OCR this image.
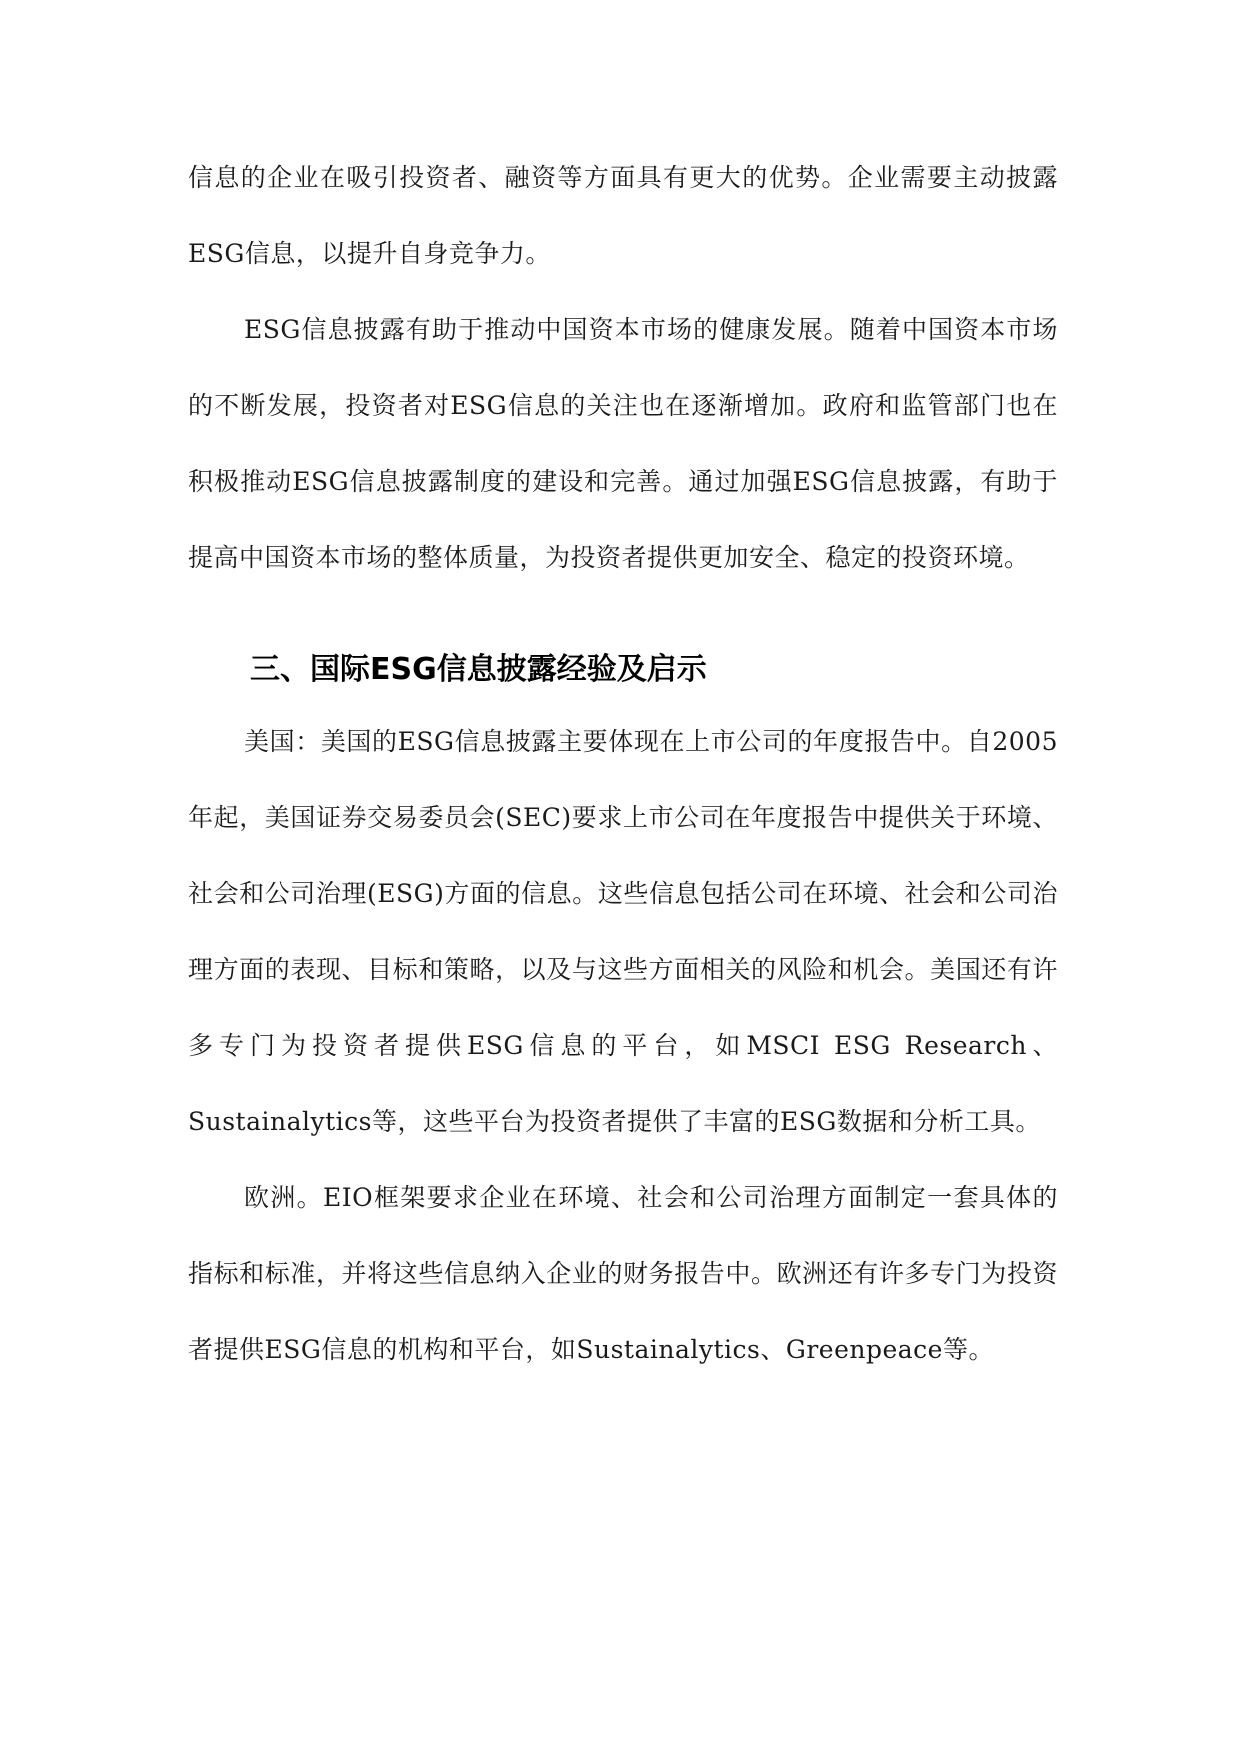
信息的企业在吸引投资者、融资等方面具有更大的优势。企业需要主动披露ESG信息，以提升自身竞争力。

ESG信息披露有助于推动中国资本市场的健康发展。随着中国资本市场的不断发展，投资者对ESG信息的关注也在逐渐增加。政府和监管部门也在积极推动ESG信息披露制度的建设和完善。通过加强ESG信息披露，有助于提高中国资本市场的整体质量，为投资者提供更加安全、稳定的投资环境。

三、国际ESG信息披露经验及启示

美国：美国的ESG信息披露主要体现在上市公司的年度报告中。自2005年起，美国证券交易委员会(SEC)要求上市公司在年度报告中提供关于环境、社会和公司治理(ESG)方面的信息。这些信息包括公司在环境、社会和公司治理方面的表现、目标和策略，以及与这些方面相关的风险和机会。美国还有许多专门为投资者提供ESG信息的平台，如MSCI ESG Research、Sustainalytics等，这些平台为投资者提供了丰富的ESG数据和分析工具。

欧洲。EIO框架要求企业在环境、社会和公司治理方面制定一套具体的指标和标准，并将这些信息纳入企业的财务报告中。欧洲还有许多专门为投资者提供ESG信息的机构和平台，如Sustainalytics、Greenpeace等。
